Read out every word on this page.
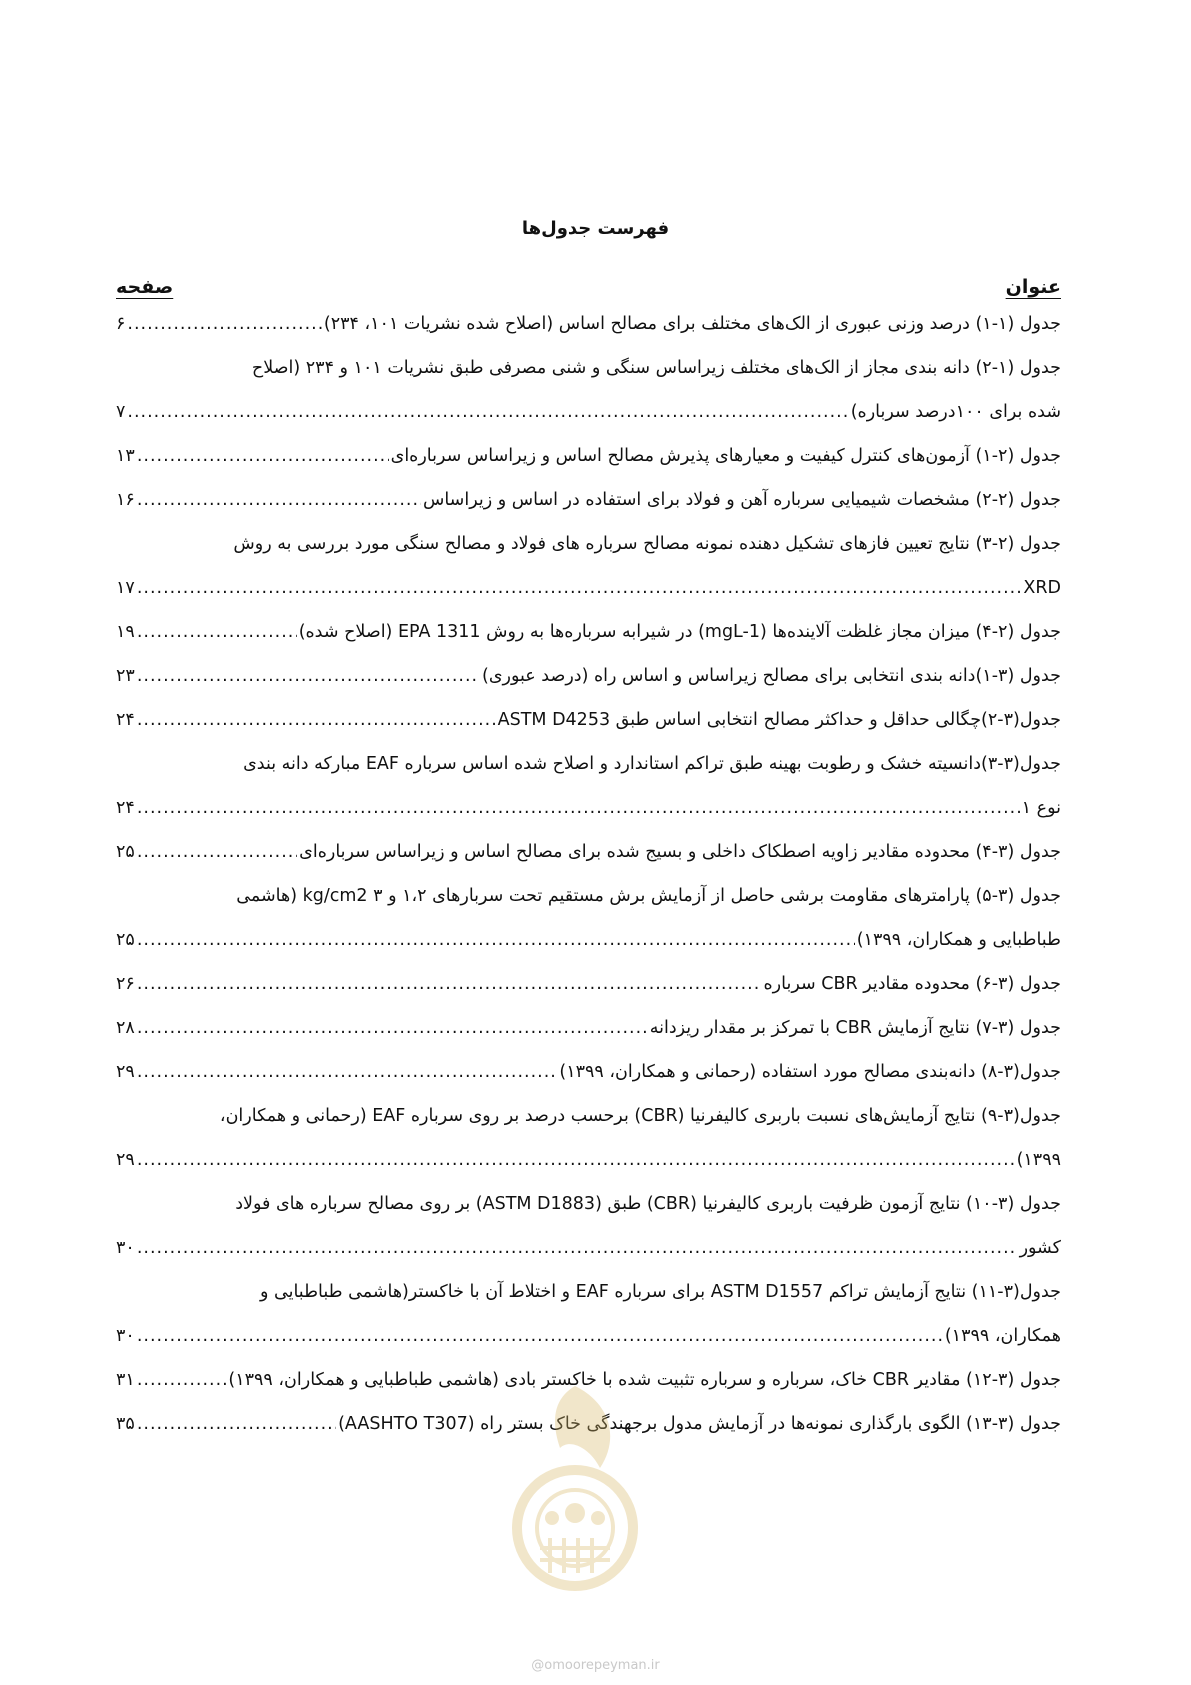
فهرست جدول‌ها
عنوان
صفحه
جدول (۱-۱) درصد وزنی عبوری از الک‌های مختلف برای مصالح اساس (اصلاح شده نشریات ۱۰۱، ۲۳۴)
.....
۶
جدول (۱-۲) دانه بندی مجاز از الک‌های مختلف زیراساس سنگی و شنی مصرفی طبق نشریات ۱۰۱ و ۲۳۴ (اصلاح
شده برای ۱۰۰درصد سرباره)
.....
۷
جدول (۲-۱) آزمون‌های کنترل کیفیت و معیارهای پذیرش مصالح اساس و زیراساس سرباره‌ای
.....
۱۳
جدول (۲-۲) مشخصات شیمیایی سرباره آهن و فولاد برای استفاده در اساس و زیراساس
.....
۱۶
جدول (۲-۳) نتایج تعیین فازهای تشکیل دهنده نمونه مصالح سرباره های فولاد و مصالح سنگی مورد بررسی به روش
XRD
.....
۱۷
جدول (۲-۴) میزان مجاز غلظت آلاینده‌ها (mgL-1) در شیرابه سرباره‌ها به روش EPA 1311 (اصلاح شده)
.....
۱۹
جدول (۳-۱)دانه بندی انتخابی برای مصالح زیراساس و اساس راه (درصد عبوری)
.....
۲۳
جدول(۳-۲)چگالی حداقل و حداکثر مصالح انتخابی اساس طبق ASTM D4253
.....
۲۴
جدول(۳-۳)دانسیته خشک و رطوبت بهینه طبق تراکم استاندارد و اصلاح شده اساس سرباره EAF مبارکه دانه بندی
نوع ۱
.....
۲۴
جدول (۳-۴) محدوده مقادیر زاویه اصطکاک داخلی و بسیج شده برای مصالح اساس و زیراساس سرباره‌ای
.....
۲۵
جدول (۳-۵) پارامترهای مقاومت برشی حاصل از آزمایش برش مستقیم تحت سربارهای ۱،۲ و kg/cm2 ۳ (هاشمی
طباطبایی و همکاران، ۱۳۹۹)
.....
۲۵
جدول (۳-۶) محدوده مقادیر CBR سرباره
.....
۲۶
جدول (۳-۷) نتایج آزمایش CBR با تمرکز بر مقدار ریزدانه
.....
۲۸
جدول(۳-۸) دانه‌بندی مصالح مورد استفاده (رحمانی و همکاران، ۱۳۹۹)
.....
۲۹
جدول(۳-۹) نتایج آزمایش‌های نسبت باربری کالیفرنیا (CBR) برحسب درصد بر روی سرباره EAF (رحمانی و همکاران،
۱۳۹۹)
.....
۲۹
جدول (۳-۱۰) نتایج آزمون ظرفیت باربری کالیفرنیا (CBR) طبق (ASTM D1883) بر روی مصالح سرباره های فولاد
کشور
.....
۳۰
جدول(۳-۱۱) نتایج آزمایش تراکم ASTM D1557 برای سرباره EAF و اختلاط آن با خاکستر(هاشمی طباطبایی و
همکاران، ۱۳۹۹)
.....
۳۰
جدول (۳-۱۲) مقادیر CBR خاک، سرباره و سرباره تثبیت شده با خاکستر بادی (هاشمی طباطبایی و همکاران، ۱۳۹۹)
.....
۳۱
جدول (۳-۱۳) الگوی بارگذاری نمونه‌ها در آزمایش مدول برجهندگی خاک بستر راه (AASHTO T307)
.....
۳۵
@omoorepeyman.ir
